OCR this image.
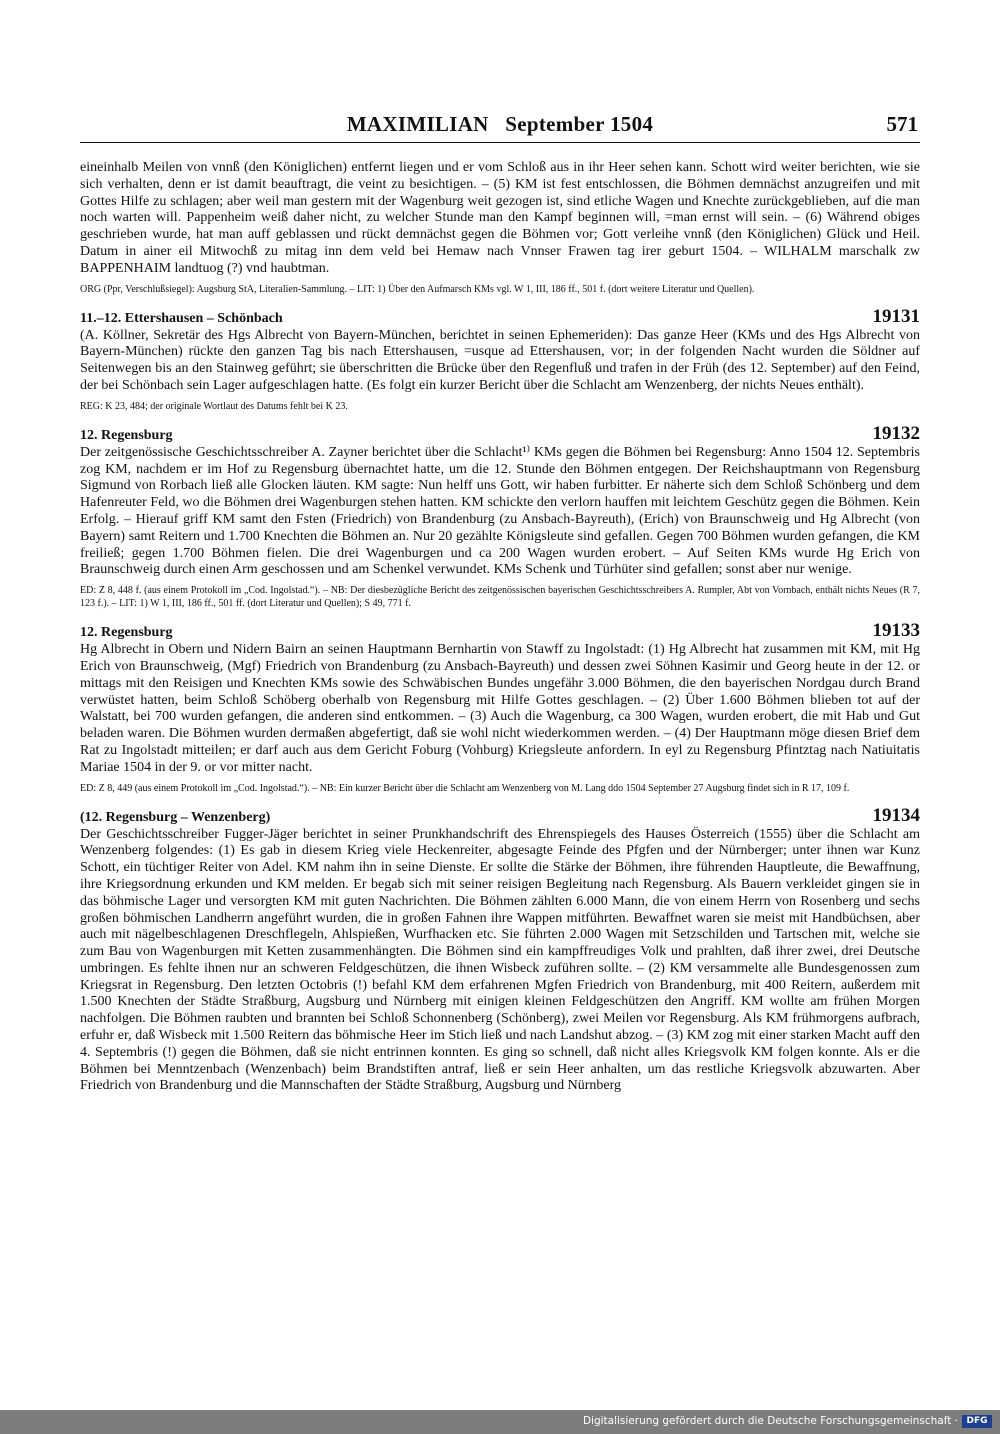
MAXIMILIAN   September 1504	571

eineinhalb Meilen von vnnß (den Königlichen) entfernt liegen und er vom Schloß aus in ihr Heer sehen kann. Schott wird weiter berichten, wie sie sich verhalten, denn er ist damit beauftragt, die veint zu besichtigen. – (5) KM ist fest entschlossen, die Böhmen demnächst anzugreifen und mit Gottes Hilfe zu schlagen; aber weil man gestern mit der Wagenburg weit gezogen ist, sind etliche Wagen und Knechte zurückgeblieben, auf die man noch warten will. Pappenheim weiß daher nicht, zu welcher Stunde man den Kampf beginnen will, =man ernst will sein. – (6) Während obiges geschrieben wurde, hat man auff geblassen und rückt demnächst gegen die Böhmen vor; Gott verleihe vnnß (den Königlichen) Glück und Heil. Datum in ainer eil Mitwochß zu mitag inn dem veld bei Hemaw nach Vnnser Frawen tag irer geburt 1504. – WILHALM marschalk zw BAPPENHAIM landtuog (?) vnd haubtman.

ORG (Ppr, Verschlußsiegel): Augsburg StA, Literalien-Sammlung. – LIT: 1) Über den Aufmarsch KMs vgl. W 1, III, 186 ff., 501 f. (dort weitere Literatur und Quellen).

11.–12. Ettershausen – Schönbach	19131

(A. Köllner, Sekretär des Hgs Albrecht von Bayern-München, berichtet in seinen Ephemeriden): Das ganze Heer (KMs und des Hgs Albrecht von Bayern-München) rückte den ganzen Tag bis nach Ettershausen, =usque ad Ettershausen, vor; in der folgenden Nacht wurden die Söldner auf Seitenwegen bis an den Stainweg geführt; sie überschritten die Brücke über den Regenfluß und trafen in der Früh (des 12. September) auf den Feind, der bei Schönbach sein Lager aufgeschlagen hatte. (Es folgt ein kurzer Bericht über die Schlacht am Wenzenberg, der nichts Neues enthält).

REG: K 23, 484; der originale Wortlaut des Datums fehlt bei K 23.

12. Regensburg	19132

Der zeitgenössische Geschichtsschreiber A. Zayner berichtet über die Schlacht¹⁾ KMs gegen die Böhmen bei Regensburg: Anno 1504 12. Septembris zog KM, nachdem er im Hof zu Regensburg übernachtet hatte, um die 12. Stunde den Böhmen entgegen. Der Reichshauptmann von Regensburg Sigmund von Rorbach ließ alle Glocken läuten. KM sagte: Nun helff uns Gott, wir haben furbitter. Er näherte sich dem Schloß Schönberg und dem Hafenreuter Feld, wo die Böhmen drei Wagenburgen stehen hatten. KM schickte den verlorn hauffen mit leichtem Geschütz gegen die Böhmen. Kein Erfolg. – Hierauf griff KM samt den Fsten (Friedrich) von Brandenburg (zu Ansbach-Bayreuth), (Erich) von Braunschweig und Hg Albrecht (von Bayern) samt Reitern und 1.700 Knechten die Böhmen an. Nur 20 gezählte Königsleute sind gefallen. Gegen 700 Böhmen wurden gefangen, die KM freiließ; gegen 1.700 Böhmen fielen. Die drei Wagenburgen und ca 200 Wagen wurden erobert. – Auf Seiten KMs wurde Hg Erich von Braunschweig durch einen Arm geschossen und am Schenkel verwundet. KMs Schenk und Türhüter sind gefallen; sonst aber nur wenige.

ED: Z 8, 448 f. (aus einem Protokoll im „Cod. Ingolstad.“). – NB: Der diesbezügliche Bericht des zeitgenössischen bayerischen Geschichtsschreibers A. Rumpler, Abt von Vornbach, enthält nichts Neues (R 7, 123 f.). – LIT: 1) W 1, III, 186 ff., 501 ff. (dort Literatur und Quellen); S 49, 771 f.

12. Regensburg	19133

Hg Albrecht in Obern und Nidern Bairn an seinen Hauptmann Bernhartin von Stawff zu Ingolstadt: (1) Hg Albrecht hat zusammen mit KM, mit Hg Erich von Braunschweig, (Mgf) Friedrich von Brandenburg (zu Ansbach-Bayreuth) und dessen zwei Söhnen Kasimir und Georg heute in der 12. or mittags mit den Reisigen und Knechten KMs sowie des Schwäbischen Bundes ungefähr 3.000 Böhmen, die den bayerischen Nordgau durch Brand verwüstet hatten, beim Schloß Schöberg oberhalb von Regensburg mit Hilfe Gottes geschlagen. – (2) Über 1.600 Böhmen blieben tot auf der Walstatt, bei 700 wurden gefangen, die anderen sind entkommen. – (3) Auch die Wagenburg, ca 300 Wagen, wurden erobert, die mit Hab und Gut beladen waren. Die Böhmen wurden dermaßen abgefertigt, daß sie wohl nicht wiederkommen werden. – (4) Der Hauptmann möge diesen Brief dem Rat zu Ingolstadt mitteilen; er darf auch aus dem Gericht Foburg (Vohburg) Kriegsleute anfordern. In eyl zu Regensburg Pfintztag nach Natiuitatis Mariae 1504 in der 9. or vor mitter nacht.

ED: Z 8, 449 (aus einem Protokoll im „Cod. Ingolstad.“). – NB: Ein kurzer Bericht über die Schlacht am Wenzenberg von M. Lang ddo 1504 September 27 Augsburg findet sich in R 17, 109 f.

(12. Regensburg – Wenzenberg)	19134

Der Geschichtsschreiber Fugger-Jäger berichtet in seiner Prunkhandschrift des Ehrenspiegels des Hauses Österreich (1555) über die Schlacht am Wenzenberg folgendes: (1) Es gab in diesem Krieg viele Heckenreiter, abgesagte Feinde des Pfgfen und der Nürnberger; unter ihnen war Kunz Schott, ein tüchtiger Reiter von Adel. KM nahm ihn in seine Dienste. Er sollte die Stärke der Böhmen, ihre führenden Hauptleute, die Bewaffnung, ihre Kriegsordnung erkunden und KM melden. Er begab sich mit seiner reisigen Begleitung nach Regensburg. Als Bauern verkleidet gingen sie in das böhmische Lager und versorgten KM mit guten Nachrichten. Die Böhmen zählten 6.000 Mann, die von einem Herrn von Rosenberg und sechs großen böhmischen Landherrn angeführt wurden, die in großen Fahnen ihre Wappen mitführten. Bewaffnet waren sie meist mit Handbüchsen, aber auch mit nägelbeschlagenen Dreschflegeln, Ahlspießen, Wurfhacken etc. Sie führten 2.000 Wagen mit Setzschilden und Tartschen mit, welche sie zum Bau von Wagenburgen mit Ketten zusammenhängten. Die Böhmen sind ein kampffreudiges Volk und prahlten, daß ihrer zwei, drei Deutsche umbringen. Es fehlte ihnen nur an schweren Feldgeschützen, die ihnen Wisbeck zuführen sollte. – (2) KM versammelte alle Bundesgenossen zum Kriegsrat in Regensburg. Den letzten Octobris (!) befahl KM dem erfahrenen Mgfen Friedrich von Brandenburg, mit 400 Reitern, außerdem mit 1.500 Knechten der Städte Straßburg, Augsburg und Nürnberg mit einigen kleinen Feldgeschützen den Angriff. KM wollte am frühen Morgen nachfolgen. Die Böhmen raubten und brannten bei Schloß Schonnenberg (Schönberg), zwei Meilen vor Regensburg. Als KM frühmorgens aufbrach, erfuhr er, daß Wisbeck mit 1.500 Reitern das böhmische Heer im Stich ließ und nach Landshut abzog. – (3) KM zog mit einer starken Macht auff den 4. Septembris (!) gegen die Böhmen, daß sie nicht entrinnen konnten. Es ging so schnell, daß nicht alles Kriegsvolk KM folgen konnte. Als er die Böhmen bei Menntzenbach (Wenzenbach) beim Brandstiften antraf, ließ er sein Heer anhalten, um das restliche Kriegsvolk abzuwarten. Aber Friedrich von Brandenburg und die Mannschaften der Städte Straßburg, Augsburg und Nürnberg

Digitalisierung gefördert durch die Deutsche Forschungsgemeinschaft · DFG
